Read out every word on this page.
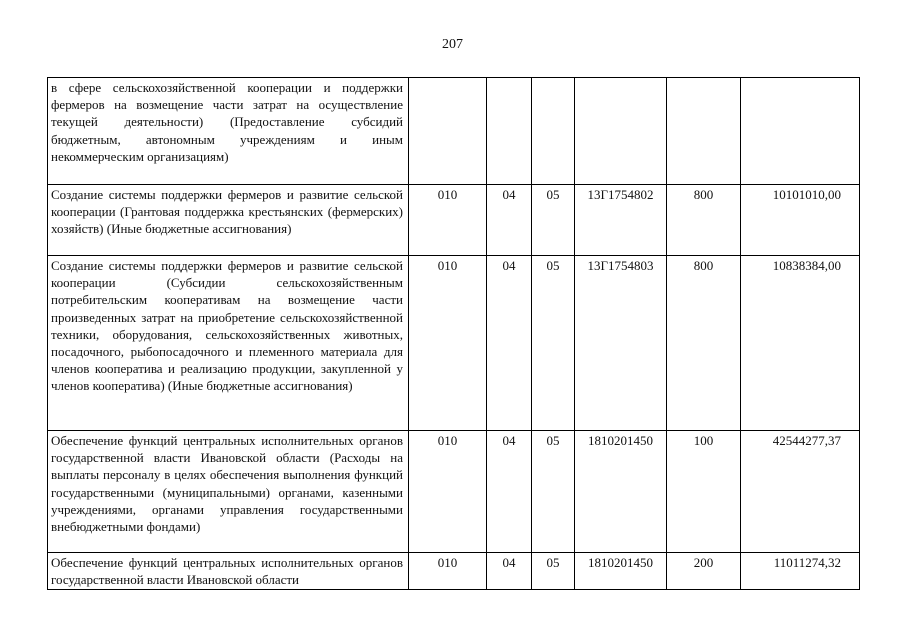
207
в сфере сельскохозяйственной кооперации и поддержки фермеров на возмещение части затрат на осуществление текущей деятельности) (Предоставление субсидий бюджетным, автономным учреждениям и иным некоммерческим организациям)						
Создание системы поддержки фермеров и развитие сельской кооперации (Грантовая поддержка крестьянских (фермерских) хозяйств) (Иные бюджетные ассигнования)	010	04	05	13Г1754802	800	10101010,00
Создание системы поддержки фермеров и развитие сельской кооперации (Субсидии сельскохозяйственным потребительским кооперативам на возмещение части произведенных затрат на приобретение сельскохозяйственной техники, оборудования, сельскохозяйственных животных, посадочного, рыбопосадочного и племенного материала для членов кооператива и реализацию продукции, закупленной у членов кооператива) (Иные бюджетные ассигнования)	010	04	05	13Г1754803	800	10838384,00
Обеспечение функций центральных исполнительных органов государственной власти Ивановской области (Расходы на выплаты персоналу в целях обеспечения выполнения функций государственными (муниципальными) органами, казенными учреждениями, органами управления государственными внебюджетными фондами)	010	04	05	1810201450	100	42544277,37
Обеспечение функций центральных исполнительных органов государственной власти Ивановской области	010	04	05	1810201450	200	11011274,32
